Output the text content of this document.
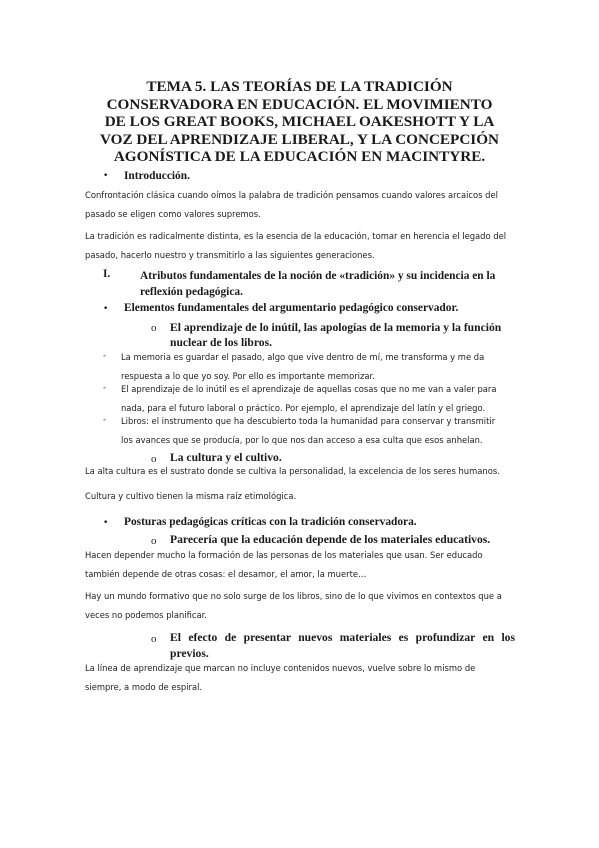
TEMA 5. LAS TEORÍAS DE LA TRADICIÓN
CONSERVADORA EN EDUCACIÓN. EL MOVIMIENTO
DE LOS GREAT BOOKS, MICHAEL OAKESHOTT Y LA
VOZ DEL APRENDIZAJE LIBERAL, Y LA CONCEPCIÓN
AGONÍSTICA DE LA EDUCACIÓN EN MACINTYRE.
• Introducción.
Confrontación clásica cuando oímos la palabra de tradición pensamos cuando valores arcaicos del
pasado se eligen como valores supremos.
La tradición es radicalmente distinta, es la esencia de la educación, tomar en herencia el legado del
pasado, hacerlo nuestro y transmitirlo a las siguientes generaciones.
I.	Atributos fundamentales de la noción de «tradición» y su incidencia en la
reflexión pedagógica.
• Elementos fundamentales del argumentario pedagógico conservador.
o El aprendizaje de lo inútil, las apologías de la memoria y la función
nuclear de los libros.
- La memoria es guardar el pasado, algo que vive dentro de mí, me transforma y me da
respuesta a lo que yo soy. Por ello es importante memorizar.
- El aprendizaje de lo inútil es el aprendizaje de aquellas cosas que no me van a valer para
nada, para el futuro laboral o práctico. Por ejemplo, el aprendizaje del latín y el griego.
- Libros: el instrumento que ha descubierto toda la humanidad para conservar y transmitir
los avances que se producía, por lo que nos dan acceso a esa culta que esos anhelan.
o La cultura y el cultivo.
La alta cultura es el sustrato donde se cultiva la personalidad, la excelencia de los seres humanos.
Cultura y cultivo tienen la misma raíz etimológica.
• Posturas pedagógicas críticas con la tradición conservadora.
o Parecería que la educación depende de los materiales educativos.
Hacen depender mucho la formación de las personas de los materiales que usan. Ser educado
también depende de otras cosas: el desamor, el amor, la muerte…
Hay un mundo formativo que no solo surge de los libros, sino de lo que vivimos en contextos que a
veces no podemos planificar.
o El efecto de presentar nuevos materiales es profundizar en los
previos.
La línea de aprendizaje que marcan no incluye contenidos nuevos, vuelve sobre lo mismo de
siempre, a modo de espiral.
